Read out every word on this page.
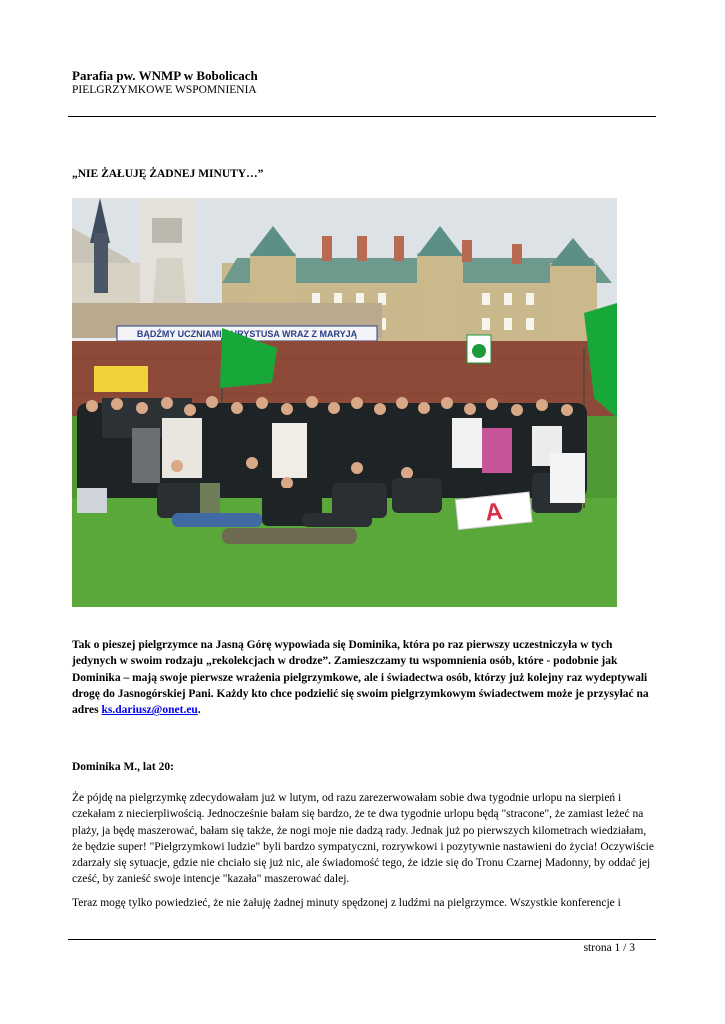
Parafia pw. WNMP w Bobolicach
PIELGRZYMKOWE WSPOMNIENIA
„NIE ŻAŁUJĘ ŻADNEJ MINUTY…”
BĄDŹMY UCZNIAMI CHRYSTUSA WRAZ Z MARYJĄ
A
Tak o pieszej pielgrzymce na Jasną Górę wypowiada się Dominika, która po raz pierwszy uczestniczyła w tych jedynych w swoim rodzaju „rekolekcjach w drodze”. Zamieszczamy tu wspomnienia osób, które - podobnie jak Dominika – mają swoje pierwsze wrażenia pielgrzymkowe, ale i świadectwa osób, którzy już kolejny raz wydeptywali drogę do Jasnogórskiej Pani. Każdy kto chce podzielić się swoim pielgrzymkowym świadectwem może je przysyłać na adres ks.dariusz@onet.eu.
Dominika M., lat 20:
Że pójdę na pielgrzymkę zdecydowałam już w lutym, od razu zarezerwowałam sobie dwa tygodnie urlopu na sierpień i czekałam z niecierpliwością. Jednocześnie bałam się bardzo, że te dwa tygodnie urlopu będą "stracone", że zamiast leżeć na plaży, ja będę maszerować, bałam się także, że nogi moje nie dadzą rady. Jednak już po pierwszych kilometrach wiedziałam, że będzie super! "Pielgrzymkowi ludzie" byli bardzo sympatyczni, rozrywkowi i pozytywnie nastawieni do życia! Oczywiście zdarzały się sytuacje, gdzie nie chciało się już nic, ale świadomość tego, że idzie się do Tronu Czarnej Madonny, by oddać jej cześć, by zanieść swoje intencje "kazała" maszerować dalej.
Teraz mogę tylko powiedzieć, że nie żałuję żadnej minuty spędzonej z ludźmi na pielgrzymce. Wszystkie konferencje i
strona 1 / 3
